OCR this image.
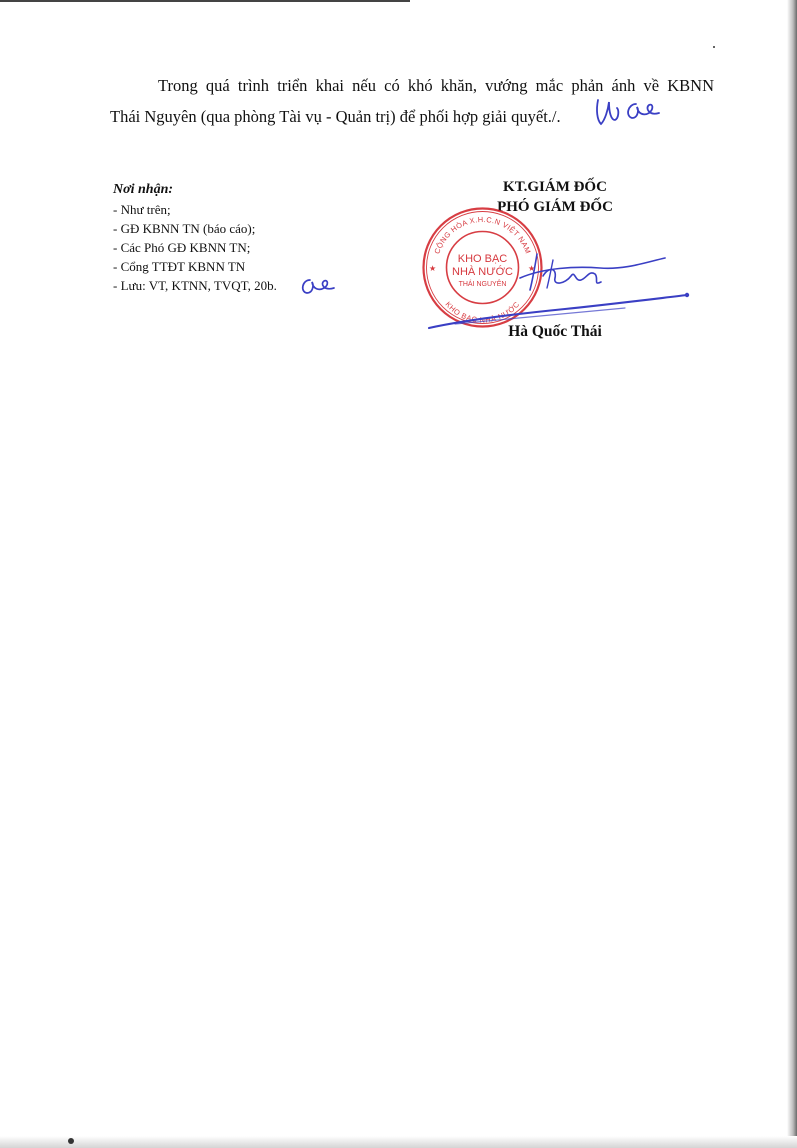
Trong quá trình triển khai nếu có khó khăn, vướng mắc phản ánh về KBNN
Thái Nguyên (qua phòng Tài vụ - Quản trị) để phối hợp giải quyết./.

Nơi nhận:
- Như trên;
- GĐ KBNN TN (báo cáo);
- Các Phó GĐ KBNN TN;
- Cổng TTĐT KBNN TN
- Lưu: VT, KTNN, TVQT, 20b.
KT.GIÁM ĐỐC
PHÓ GIÁM ĐỐC
CỘNG HÒA X.H.C.N VIỆT NAM
KHO BẠC NHÀ NƯỚC
KHO BẠC
NHÀ NƯỚC
THÁI NGUYÊN
★	★
Hà Quốc Thái
